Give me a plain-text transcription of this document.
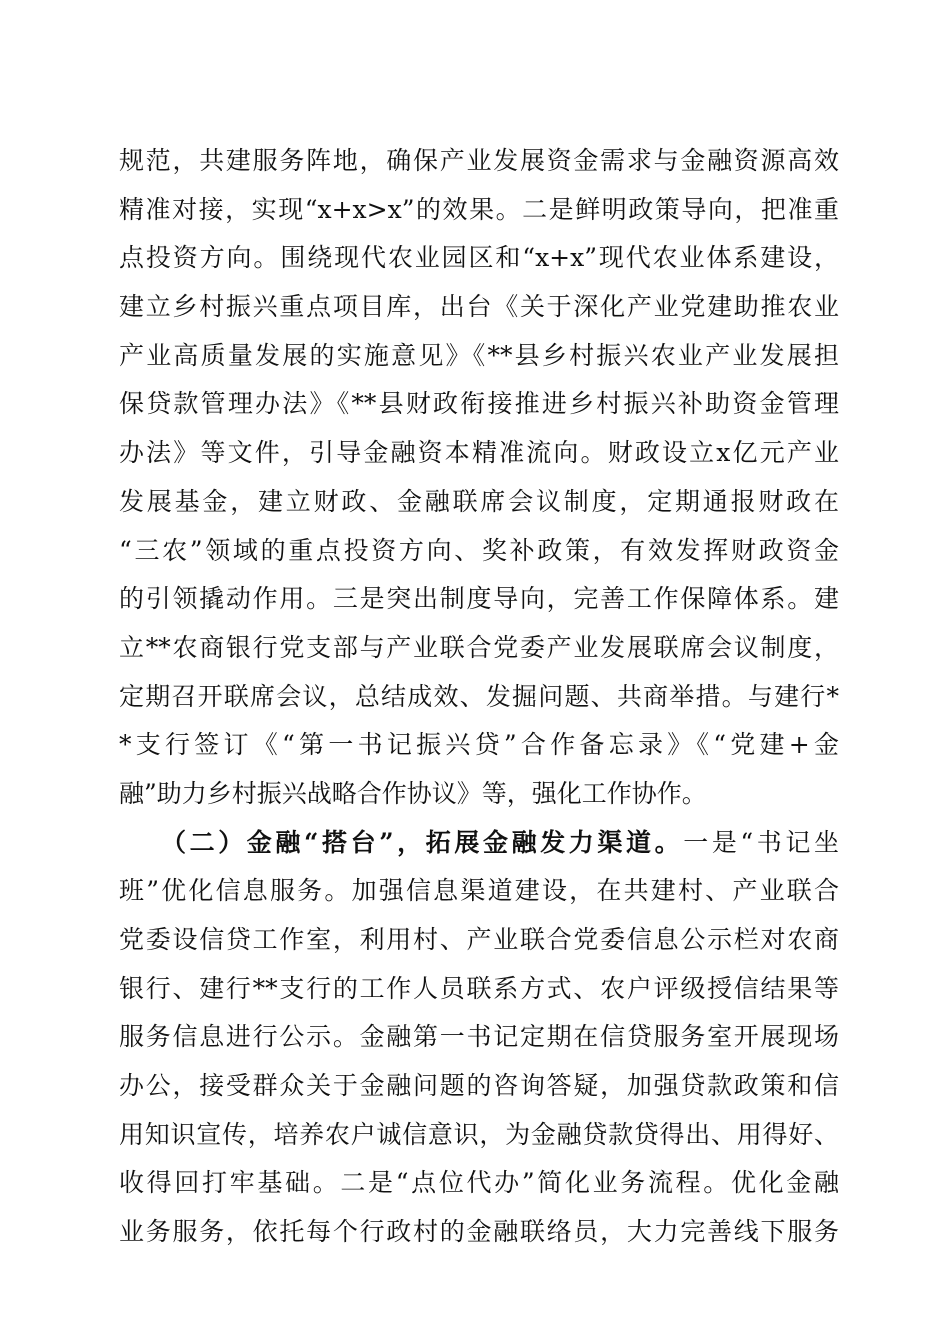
规范，共建服务阵地，确保产业发展资金需求与金融资源高效
精准对接，实现“x+x>x”的效果。二是鲜明政策导向，把准重
点投资方向。围绕现代农业园区和“x+x”现代农业体系建设，
建立乡村振兴重点项目库，出台《关于深化产业党建助推农业
产业高质量发展的实施意见》《**县乡村振兴农业产业发展担
保贷款管理办法》《**县财政衔接推进乡村振兴补助资金管理
办法》等文件，引导金融资本精准流向。财政设立x亿元产业
发展基金，建立财政、金融联席会议制度，定期通报财政在
“三农”领域的重点投资方向、奖补政策，有效发挥财政资金
的引领撬动作用。三是突出制度导向，完善工作保障体系。建
立**农商银行党支部与产业联合党委产业发展联席会议制度，
定期召开联席会议，总结成效、发掘问题、共商举措。与建行*
*支行签订《“第一书记振兴贷”合作备忘录》《“党建+金
融”助力乡村振兴战略合作协议》等，强化工作协作。
（二）金融“搭台”，拓展金融发力渠道。一是“书记坐
班”优化信息服务。加强信息渠道建设，在共建村、产业联合
党委设信贷工作室，利用村、产业联合党委信息公示栏对农商
银行、建行**支行的工作人员联系方式、农户评级授信结果等
服务信息进行公示。金融第一书记定期在信贷服务室开展现场
办公，接受群众关于金融问题的咨询答疑，加强贷款政策和信
用知识宣传，培养农户诚信意识，为金融贷款贷得出、用得好、
收得回打牢基础。二是“点位代办”简化业务流程。优化金融
业务服务，依托每个行政村的金融联络员，大力完善线下服务
